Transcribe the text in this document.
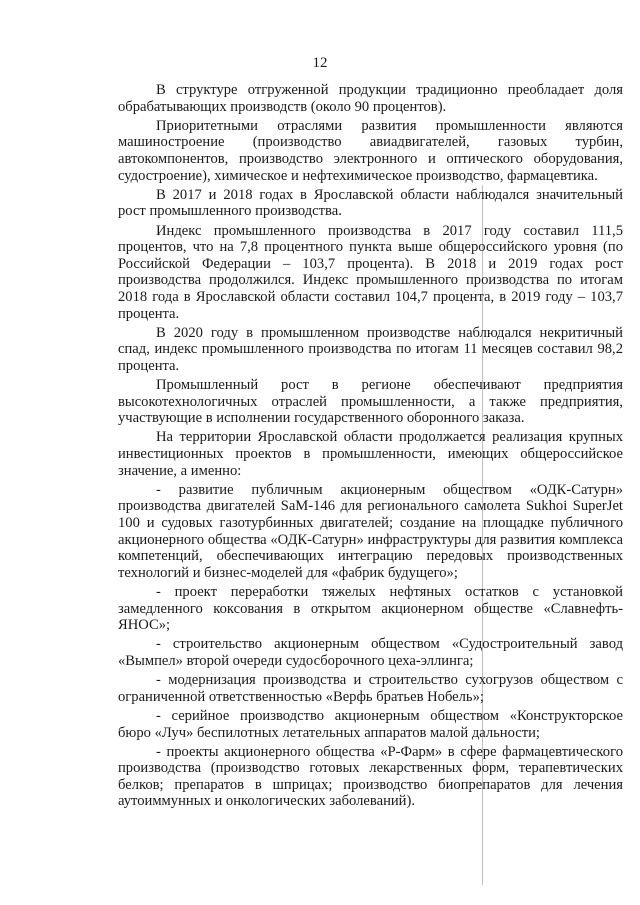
12

В структуре отгруженной продукции традиционно преобладает доля обрабатывающих производств (около 90 процентов).

Приоритетными отраслями развития промышленности являются машиностроение (производство авиадвигателей, газовых турбин, автокомпонентов, производство электронного и оптического оборудования, судостроение), химическое и нефтехимическое производство, фармацевтика.

В 2017 и 2018 годах в Ярославской области наблюдался значительный рост промышленного производства.

Индекс промышленного производства в 2017 году составил 111,5 процентов, что на 7,8 процентного пункта выше общероссийского уровня (по Российской Федерации – 103,7 процента). В 2018 и 2019 годах рост производства продолжился. Индекс промышленного производства по итогам 2018 года в Ярославской области составил 104,7 процента, в 2019 году – 103,7 процента.

В 2020 году в промышленном производстве наблюдался некритичный спад, индекс промышленного производства по итогам 11 месяцев составил 98,2 процента.

Промышленный рост в регионе обеспечивают предприятия высокотехнологичных отраслей промышленности, а также предприятия, участвующие в исполнении государственного оборонного заказа.

На территории Ярославской области продолжается реализация крупных инвестиционных проектов в промышленности, имеющих общероссийское значение, а именно:

- развитие публичным акционерным обществом «ОДК-Сатурн» производства двигателей SaM-146 для регионального самолета Sukhoi SuperJet 100 и судовых газотурбинных двигателей; создание на площадке публичного акционерного общества «ОДК-Сатурн» инфраструктуры для развития комплекса компетенций, обеспечивающих интеграцию передовых производственных технологий и бизнес-моделей для «фабрик будущего»;

- проект переработки тяжелых нефтяных остатков с установкой замедленного коксования в открытом акционерном обществе «Славнефть-ЯНОС»;

- строительство акционерным обществом «Судостроительный завод «Вымпел» второй очереди судосборочного цеха-эллинга;

- модернизация производства и строительство сухогрузов обществом с ограниченной ответственностью «Верфь братьев Нобель»;

- серийное производство акционерным обществом «Конструкторское бюро «Луч» беспилотных летательных аппаратов малой дальности;

- проекты акционерного общества «Р-Фарм» в сфере фармацевтического производства (производство готовых лекарственных форм, терапевтических белков; препаратов в шприцах; производство биопрепаратов для лечения аутоиммунных и онкологических заболеваний).
